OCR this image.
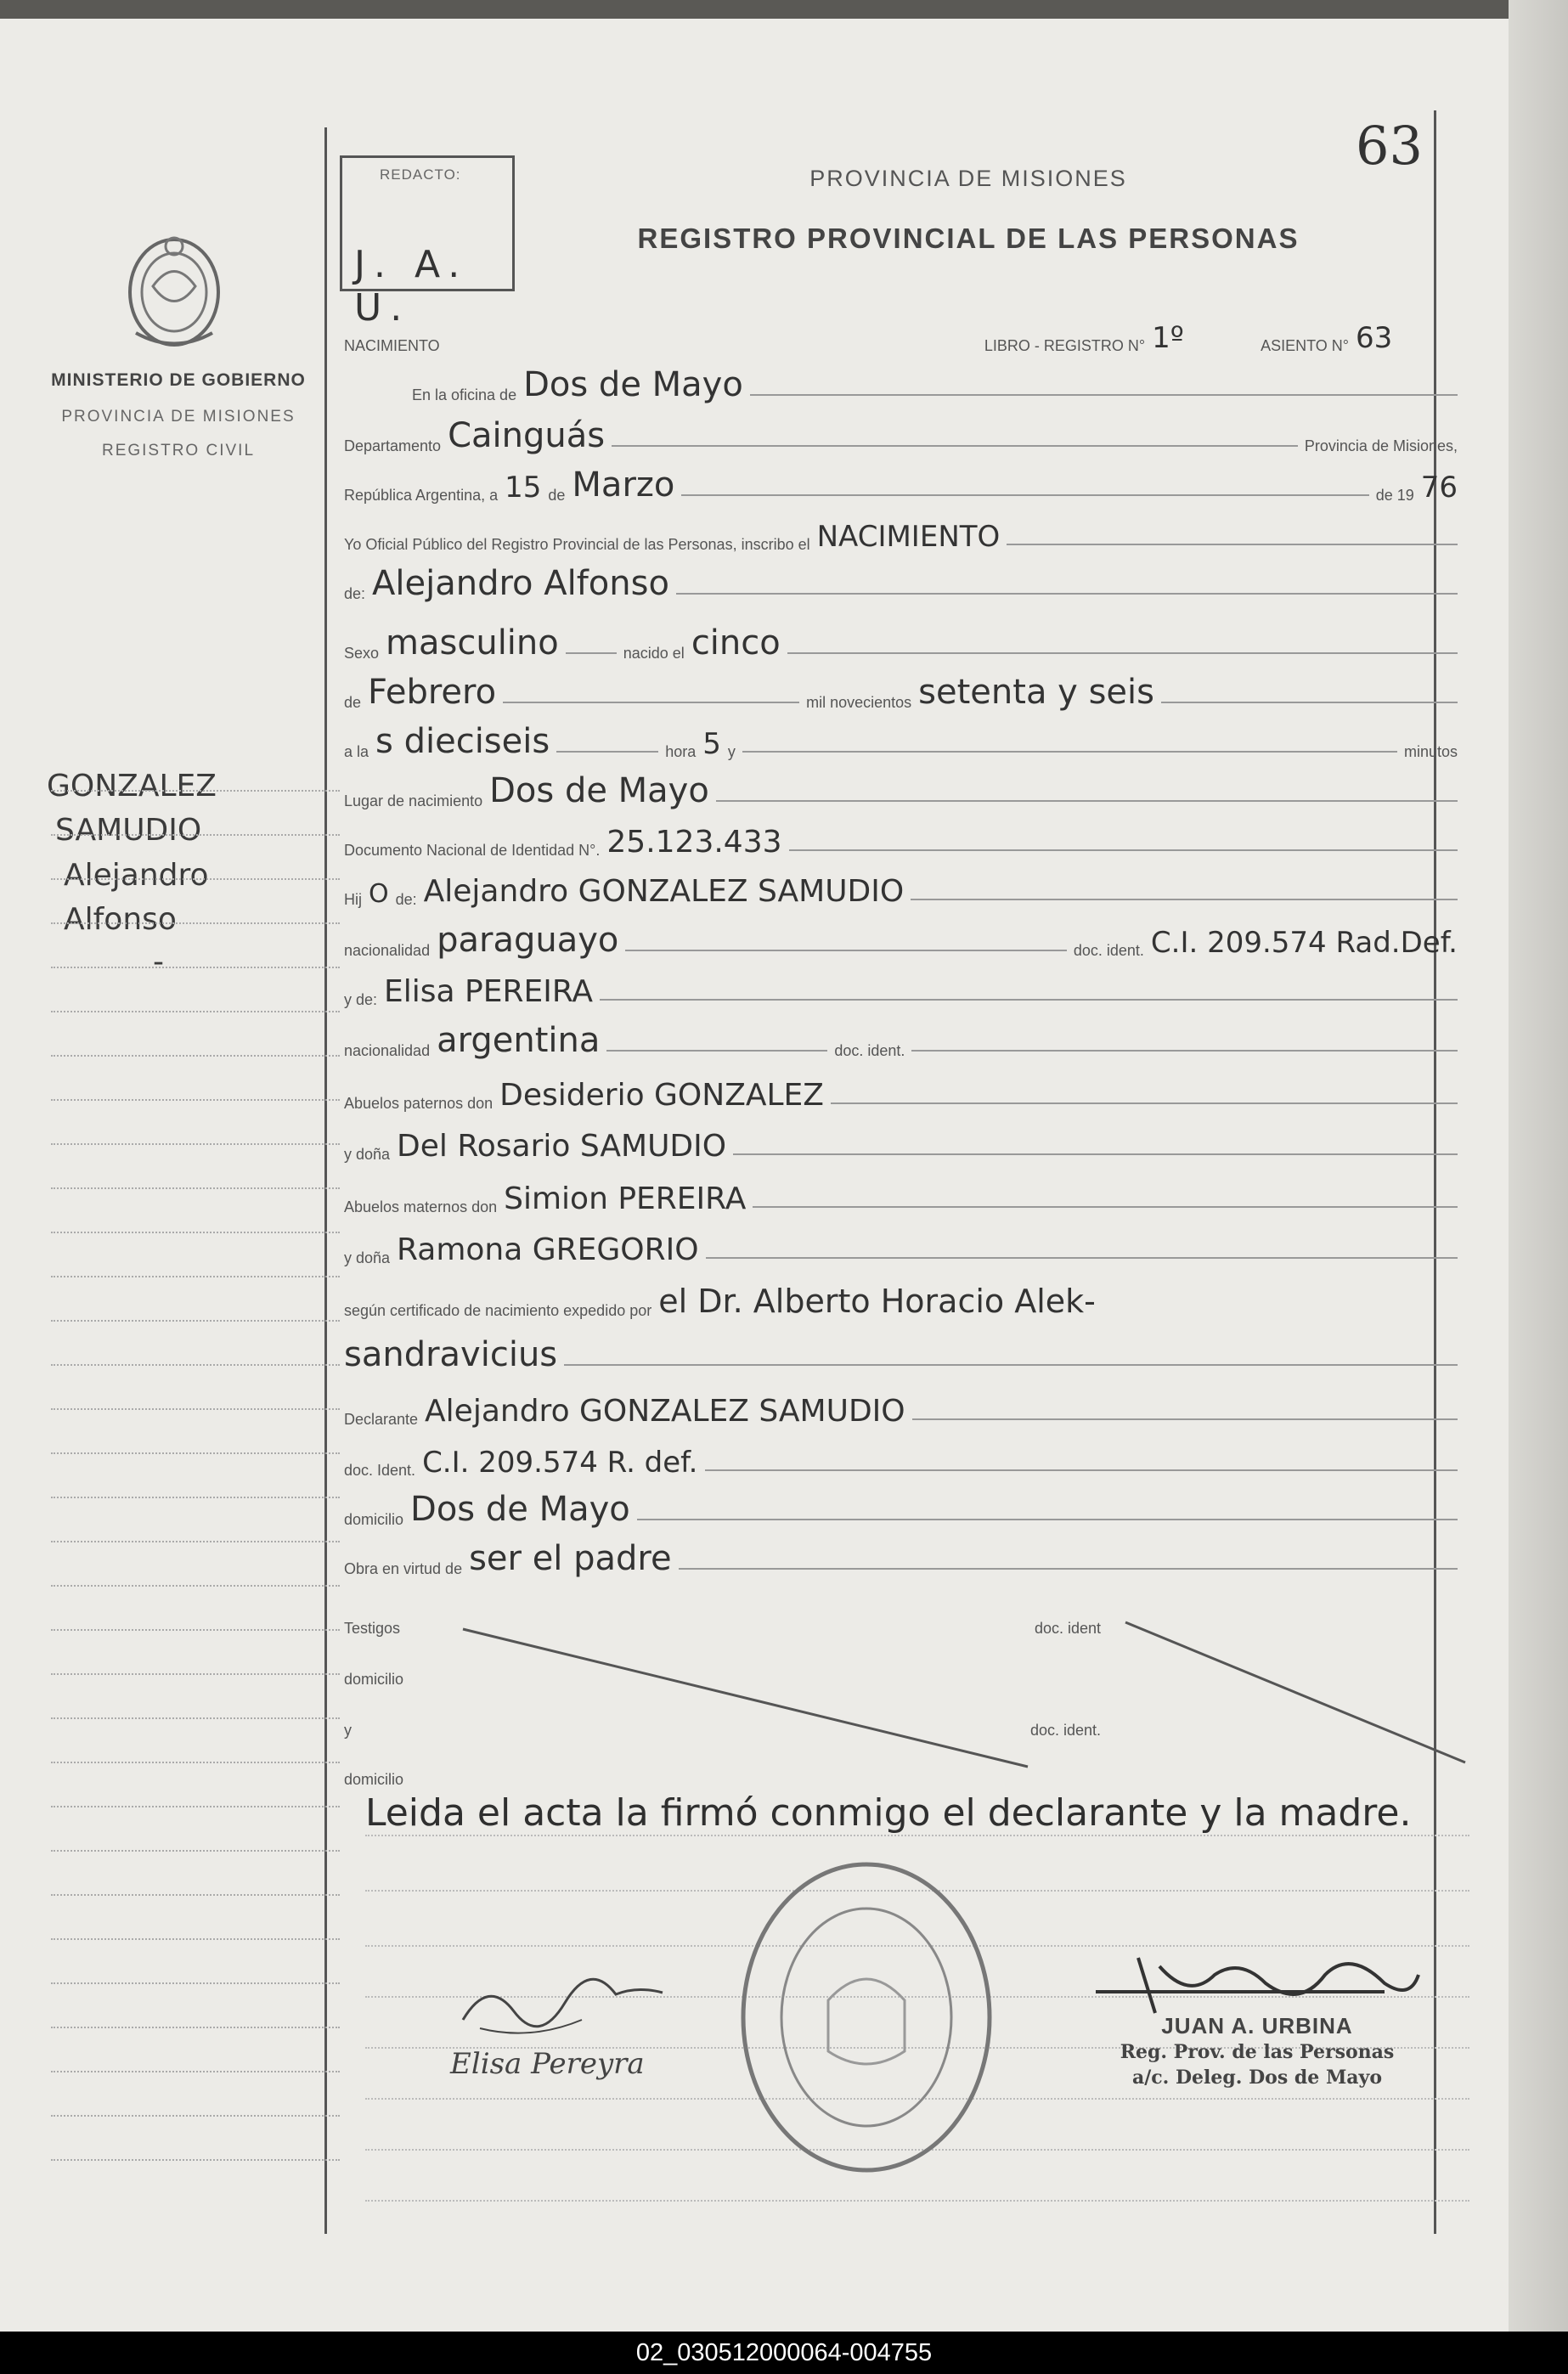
63
REDACTO:
J. A. U.
PROVINCIA DE MISIONES
REGISTRO PROVINCIAL DE LAS PERSONAS
MINISTERIO DE GOBIERNO
PROVINCIA DE MISIONES
REGISTRO CIVIL
GONZALEZ
SAMUDIO
Alejandro
Alfonso
-
NACIMIENTO	LIBRO - REGISTRO N° 1º	ASIENTO N° 63
En la oficina de Dos de Mayo
Departamento Cainguás	Provincia de Misiones,
República Argentina, a 15 de Marzo	de 19 76
Yo Oficial Público del Registro Provincial de las Personas, inscribo el NACIMIENTO
de: Alejandro Alfonso
Sexo masculino	nacido el cinco
de Febrero	mil novecientos setenta y seis
a la s dieciseis	hora 5 y	minutos
Lugar de nacimiento Dos de Mayo
Documento Nacional de Identidad N°. 25.123.433
Hij O de: Alejandro GONZALEZ SAMUDIO
nacionalidad paraguayo	doc. ident. C.I. 209.574 Rad.Def.
y de: Elisa PEREIRA
nacionalidad argentina	doc. ident.
Abuelos paternos don Desiderio GONZALEZ
y doña Del Rosario SAMUDIO
Abuelos maternos don Simion PEREIRA
y doña Ramona GREGORIO
según certificado de nacimiento expedido por el Dr. Alberto Horacio Alek-
sandravicius
Declarante Alejandro GONZALEZ SAMUDIO
doc. Ident. C.I. 209.574 R. def.
domicilio Dos de Mayo
Obra en virtud de ser el padre
Testigos	doc. ident
domicilio
y	doc. ident.
domicilio
Leida el acta la firmó conmigo el declarante y la madre.
Elisa Pereyra
JUAN A. URBINA
Reg. Prov. de las Personas
a/c. Deleg. Dos de Mayo
02_030512000064-004755
